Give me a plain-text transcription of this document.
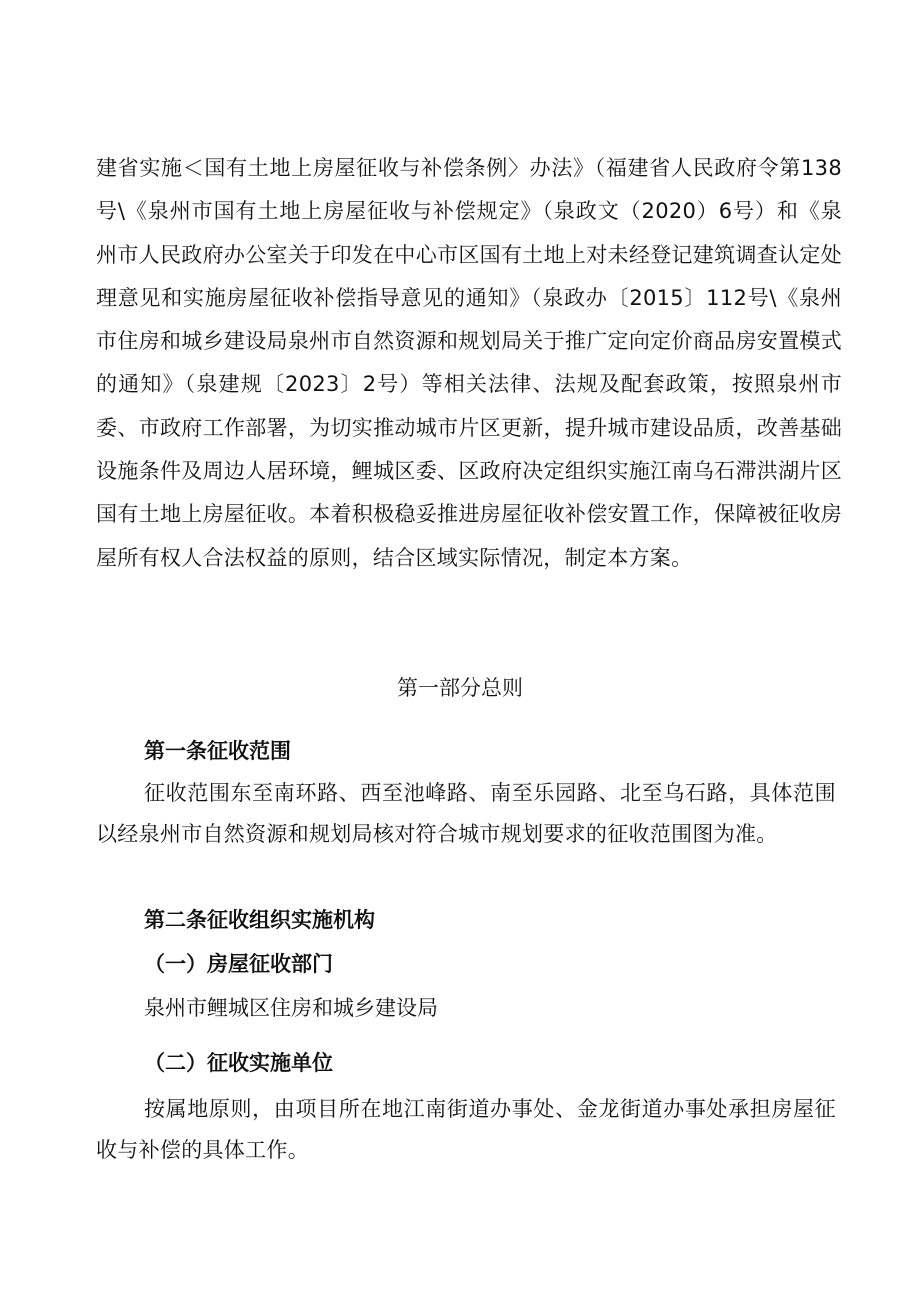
建省实施＜国有土地上房屋征收与补偿条例〉办法》（福建省人民政府令第138号\《泉州市国有土地上房屋征收与补偿规定》（泉政文（2020）6号）和《泉州市人民政府办公室关于印发在中心市区国有土地上对未经登记建筑调查认定处理意见和实施房屋征收补偿指导意见的通知》（泉政办〔2015〕112号\《泉州市住房和城乡建设局泉州市自然资源和规划局关于推广定向定价商品房安置模式的通知》（泉建规〔2023〕2号）等相关法律、法规及配套政策，按照泉州市委、市政府工作部署，为切实推动城市片区更新，提升城市建设品质，改善基础设施条件及周边人居环境，鲤城区委、区政府决定组织实施江南乌石滞洪湖片区国有土地上房屋征收。本着积极稳妥推进房屋征收补偿安置工作，保障被征收房屋所有权人合法权益的原则，结合区域实际情况，制定本方案。

第一部分总则

第一条征收范围

征收范围东至南环路、西至池峰路、南至乐园路、北至乌石路，具体范围以经泉州市自然资源和规划局核对符合城市规划要求的征收范围图为准。

第二条征收组织实施机构

（一）房屋征收部门

泉州市鲤城区住房和城乡建设局

（二）征收实施单位

按属地原则，由项目所在地江南街道办事处、金龙街道办事处承担房屋征收与补偿的具体工作。
